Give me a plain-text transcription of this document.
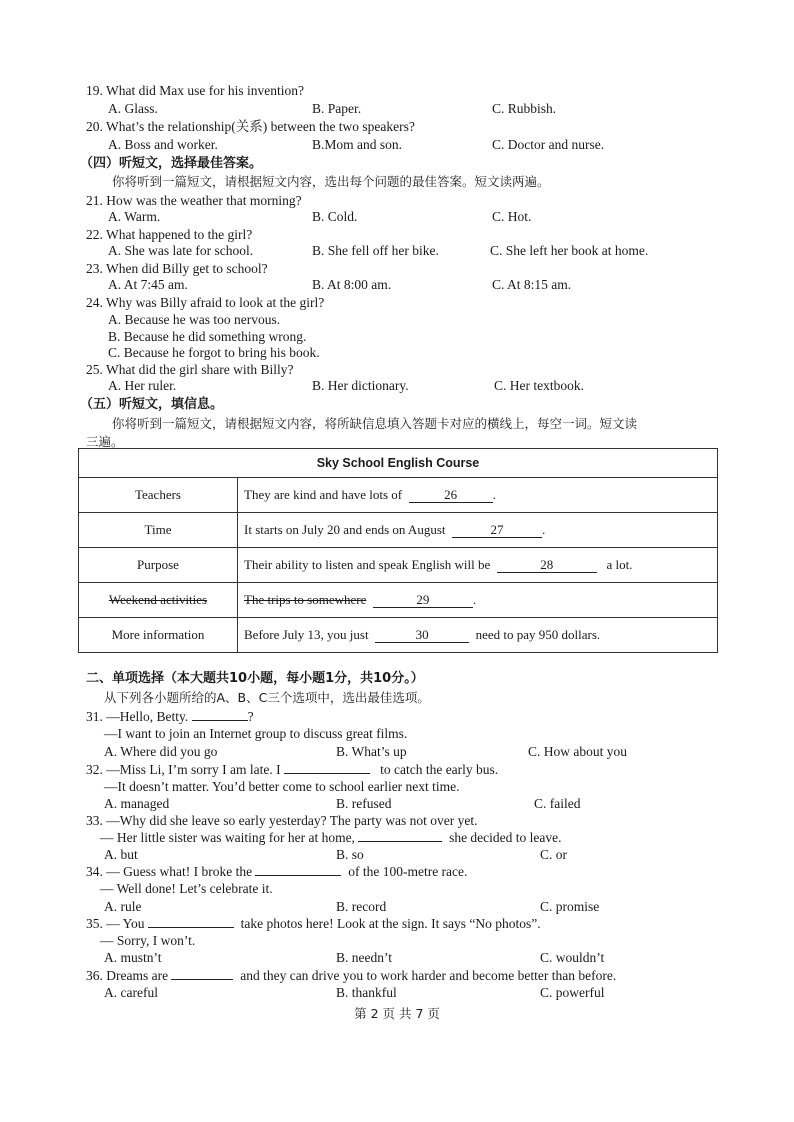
19. What did Max use for his invention?
A. Glass.	B. Paper.	C. Rubbish.
20. What’s the relationship(关系) between the two speakers?
A. Boss and worker.	B.Mom and son.	C. Doctor and nurse.
（四）听短文，选择最佳答案。
你将听到一篇短文，请根据短文内容，选出每个问题的最佳答案。短文读两遍。
21. How was the weather that morning?
A. Warm.	B. Cold.	C. Hot.
22. What happened to the girl?
A. She was late for school.	B. She fell off her bike.	C. She left her book at home.
23. When did Billy get to school?
A. At 7:45 am.	B. At 8:00 am.	C. At 8:15 am.
24. Why was Billy afraid to look at the girl?
A. Because he was too nervous.
B. Because he did something wrong.
C. Because he forgot to bring his book.
25. What did the girl share with Billy?
A. Her ruler.	B. Her dictionary.	C. Her textbook.
（五）听短文，填信息。
你将听到一篇短文，请根据短文内容，将所缺信息填入答题卡对应的横线上，每空一词。短文读
三遍。
Sky School English Course	
Teachers	They are kind and have lots of 26 .
Time	It starts on July 20 and ends on August 27 .
Purpose	Their ability to listen and speak English will be 28 a lot.
Weekend activities	The trips to somewhere 29 .
More information	Before July 13, you just 30 need to pay 950 dollars.
二、单项选择（本大题共10小题，每小题1分，共10分。）
从下列各小题所给的A、B、C三个选项中，选出最佳选项。
31. —Hello, Betty.	?
—I want to join an Internet group to discuss great films.
A. Where did you go	B. What’s up	C. How about you
32. —Miss Li, I’m sorry I am late. I	to catch the early bus.
—It doesn’t matter. You’d better come to school earlier next time.
A. managed	B. refused	C. failed
33. —Why did she leave so early yesterday? The party was not over yet.
— Her little sister was waiting for her at home,	she decided to leave.
A. but	B. so	C. or
34. — Guess what! I broke the	of the 100-metre race.
— Well done! Let’s celebrate it.
A. rule	B. record	C. promise
35. — You	take photos here! Look at the sign. It says “No photos”.
— Sorry, I won’t.
A. mustn’t	B. needn’t	C. wouldn’t
36. Dreams are	and they can drive you to work harder and become better than before.
A. careful	B. thankful	C. powerful
第 2 页 共 7 页
